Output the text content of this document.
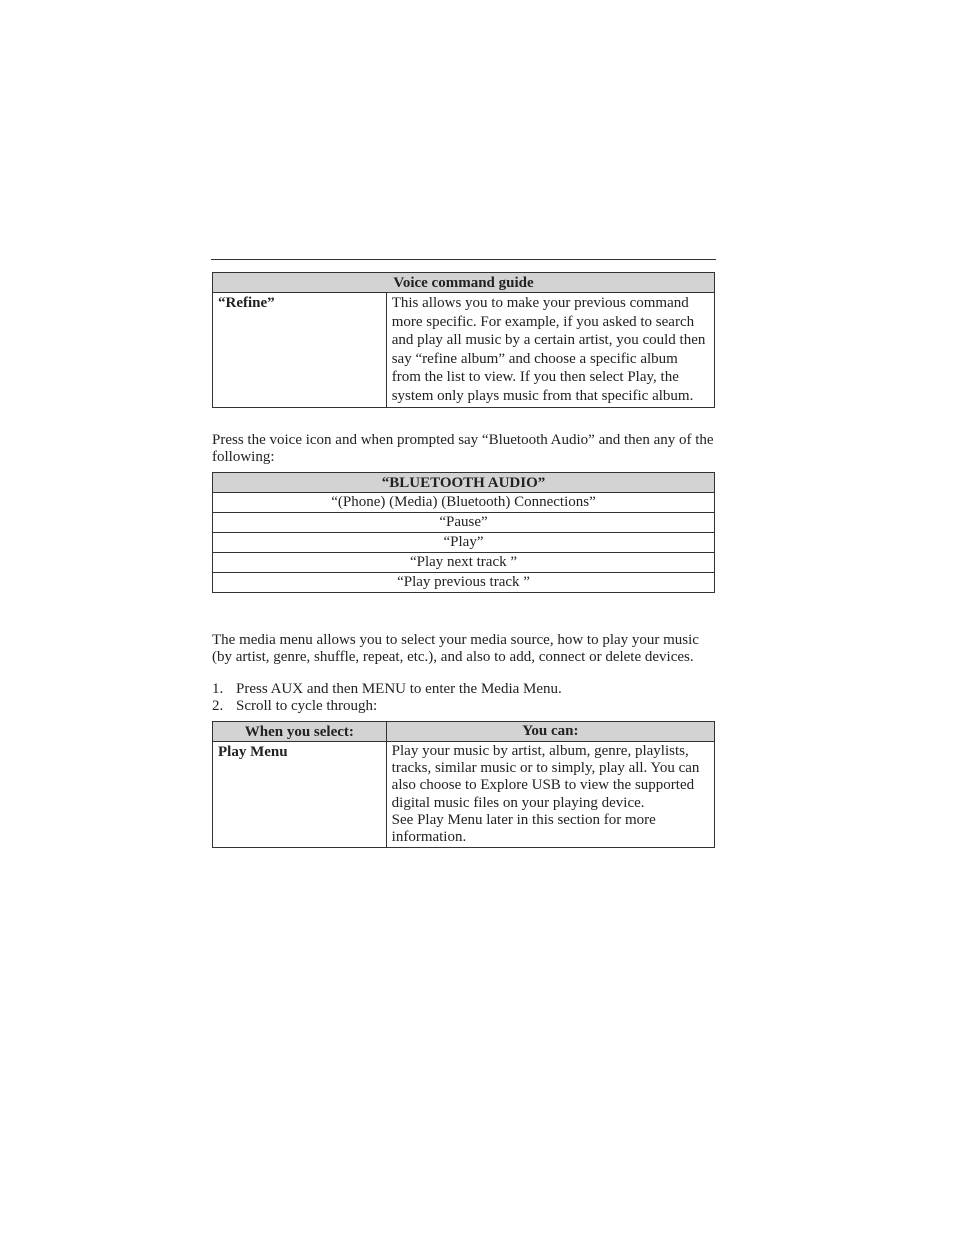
Voice command guide
“Refine”	This allows you to make your previous command more specific. For example, if you asked to search and play all music by a certain artist, you could then say “refine album” and choose a specific album from the list to view. If you then select Play, the system only plays music from that specific album.

Press the voice icon and when prompted say “Bluetooth Audio” and then any of the following:

“BLUETOOTH AUDIO”
“(Phone) (Media) (Bluetooth) Connections”
“Pause”
“Play”
“Play next track ”
“Play previous track ”

The media menu allows you to select your media source, how to play your music (by artist, genre, shuffle, repeat, etc.), and also to add, connect or delete devices.

1. Press AUX and then MENU to enter the Media Menu.
2. Scroll to cycle through:
When you select:	You can:
Play Menu	Play your music by artist, album, genre, playlists, tracks, similar music or to simply, play all. You can also choose to Explore USB to view the supported digital music files on your playing device.
See Play Menu later in this section for more information.
